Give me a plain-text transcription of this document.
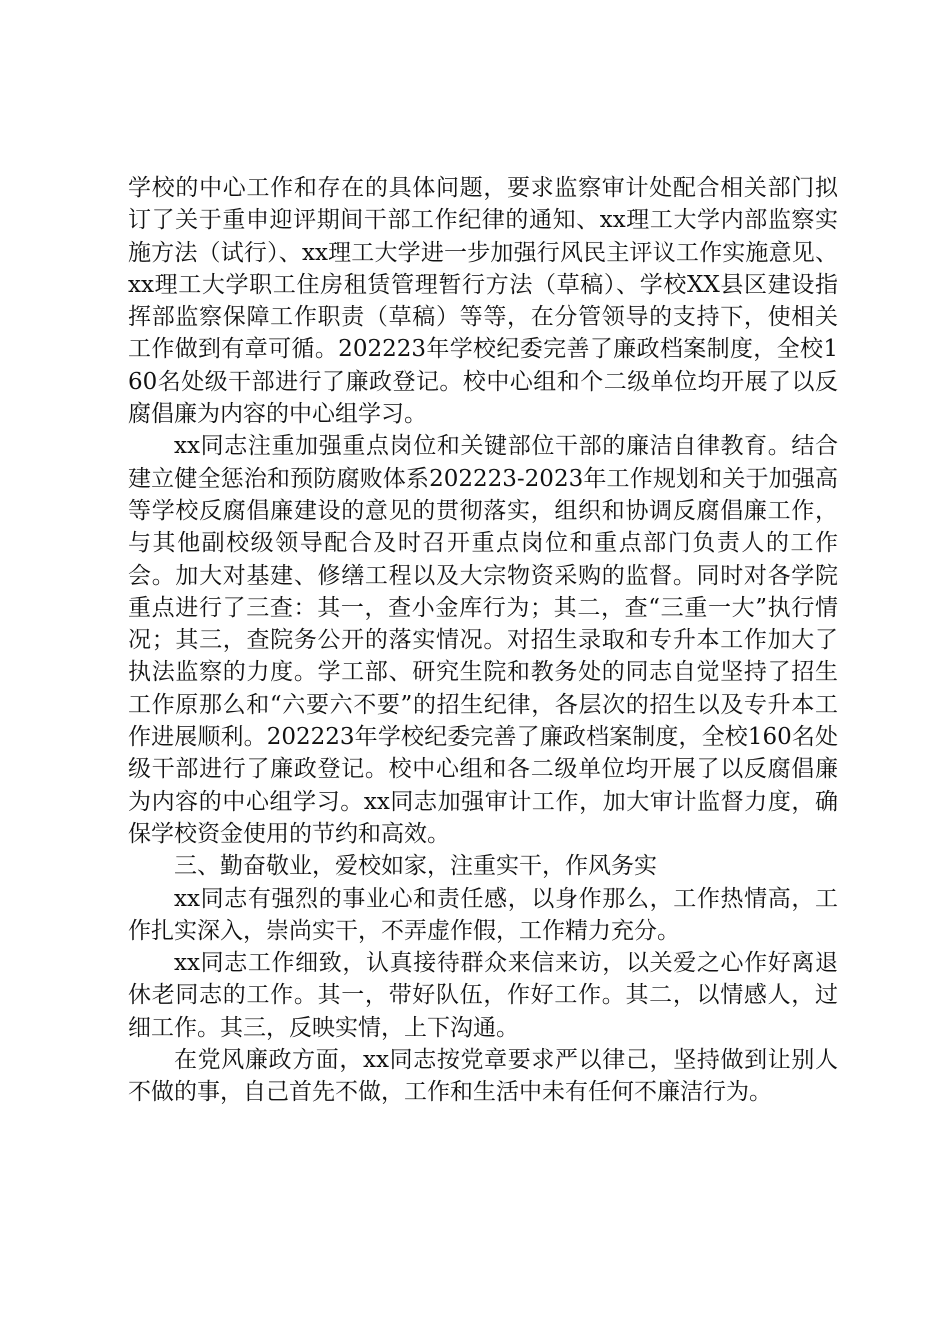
学校的中心工作和存在的具体问题，要求监察审计处配合相关部门拟订了关于重申迎评期间干部工作纪律的通知、xx理工大学内部监察实施方法（试行）、xx理工大学进一步加强行风民主评议工作实施意见、xx理工大学职工住房租赁管理暂行方法（草稿）、学校XX县区建设指挥部监察保障工作职责（草稿）等等，在分管领导的支持下，使相关工作做到有章可循。202223年学校纪委完善了廉政档案制度，全校160名处级干部进行了廉政登记。校中心组和个二级单位均开展了以反腐倡廉为内容的中心组学习。

xx同志注重加强重点岗位和关键部位干部的廉洁自律教育。结合建立健全惩治和预防腐败体系202223-2023年工作规划和关于加强高等学校反腐倡廉建设的意见的贯彻落实，组织和协调反腐倡廉工作，与其他副校级领导配合及时召开重点岗位和重点部门负责人的工作会。加大对基建、修缮工程以及大宗物资采购的监督。同时对各学院重点进行了三查：其一，查小金库行为；其二，查“三重一大”执行情况；其三，查院务公开的落实情况。对招生录取和专升本工作加大了执法监察的力度。学工部、研究生院和教务处的同志自觉坚持了招生工作原那么和“六要六不要”的招生纪律，各层次的招生以及专升本工作进展顺利。202223年学校纪委完善了廉政档案制度，全校160名处级干部进行了廉政登记。校中心组和各二级单位均开展了以反腐倡廉为内容的中心组学习。xx同志加强审计工作，加大审计监督力度，确保学校资金使用的节约和高效。

三、勤奋敬业，爱校如家，注重实干，作风务实

xx同志有强烈的事业心和责任感，以身作那么，工作热情高，工作扎实深入，崇尚实干，不弄虚作假，工作精力充分。

xx同志工作细致，认真接待群众来信来访，以关爱之心作好离退休老同志的工作。其一，带好队伍，作好工作。其二，以情感人，过细工作。其三，反映实情，上下沟通。

在党风廉政方面，xx同志按党章要求严以律己，坚持做到让别人不做的事，自己首先不做，工作和生活中未有任何不廉洁行为。
